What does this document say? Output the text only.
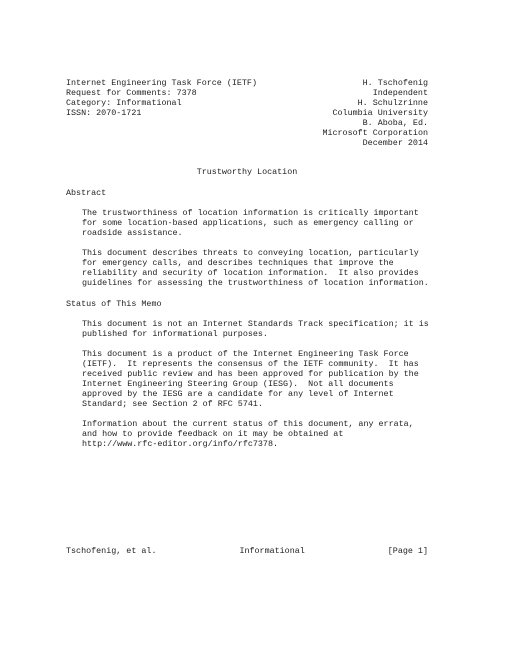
Internet Engineering Task Force (IETF)
Request for Comments: 7378
Category: Informational
ISSN: 2070-1721
H. Tschofenig
Independent
H. Schulzrinne
Columbia University
B. Aboba, Ed.
Microsoft Corporation
December 2014
Trustworthy Location
Abstract
The trustworthiness of location information is critically important
for some location-based applications, such as emergency calling or
roadside assistance.
This document describes threats to conveying location, particularly
for emergency calls, and describes techniques that improve the
reliability and security of location information.  It also provides
guidelines for assessing the trustworthiness of location information.
Status of This Memo
This document is not an Internet Standards Track specification; it is
published for informational purposes.
This document is a product of the Internet Engineering Task Force
(IETF).  It represents the consensus of the IETF community.  It has
received public review and has been approved for publication by the
Internet Engineering Steering Group (IESG).  Not all documents
approved by the IESG are a candidate for any level of Internet
Standard; see Section 2 of RFC 5741.
Information about the current status of this document, any errata,
and how to provide feedback on it may be obtained at
http://www.rfc-editor.org/info/rfc7378.
Tschofenig, et al.	Informational	[Page 1]
